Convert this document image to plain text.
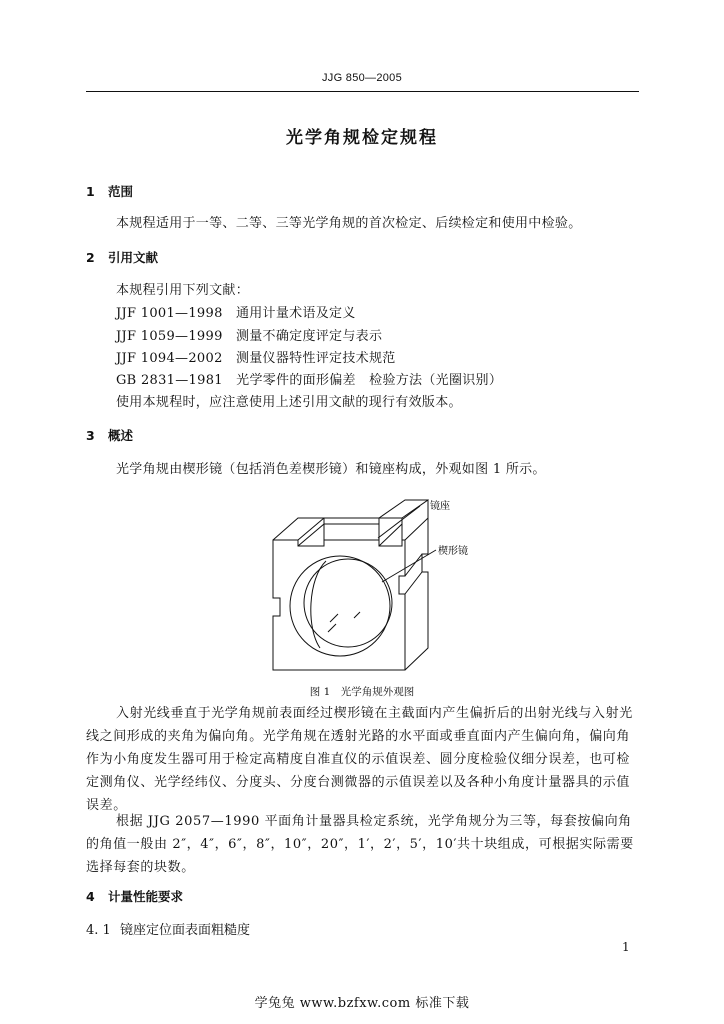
JJG 850—2005
光学角规检定规程
1 范围
本规程适用于一等、二等、三等光学角规的首次检定、后续检定和使用中检验。
2 引用文献
本规程引用下列文献：
JJF 1001—1998　通用计量术语及定义
JJF 1059—1999　测量不确定度评定与表示
JJF 1094—2002　测量仪器特性评定技术规范
GB 2831—1981　光学零件的面形偏差　检验方法（光圈识别）
使用本规程时，应注意使用上述引用文献的现行有效版本。
3 概述
光学角规由楔形镜（包括消色差楔形镜）和镜座构成，外观如图 1 所示。
镜座
楔形镜
图 1　光学角规外观图
入射光线垂直于光学角规前表面经过楔形镜在主截面内产生偏折后的出射光线与入射光线之间形成的夹角为偏向角。光学角规在透射光路的水平面或垂直面内产生偏向角，偏向角作为小角度发生器可用于检定高精度自准直仪的示值误差、圆分度检验仪细分误差，也可检定测角仪、光学经纬仪、分度头、分度台测微器的示值误差以及各种小角度计量器具的示值误差。
根据 JJG 2057—1990 平面角计量器具检定系统，光学角规分为三等，每套按偏向角的角值一般由 2″，4″，6″，8″，10″，20″，1′，2′，5′，10′共十块组成，可根据实际需要选择每套的块数。
4 计量性能要求
4. 1 镜座定位面表面粗糙度
1
学兔兔 www.bzfxw.com 标准下载
